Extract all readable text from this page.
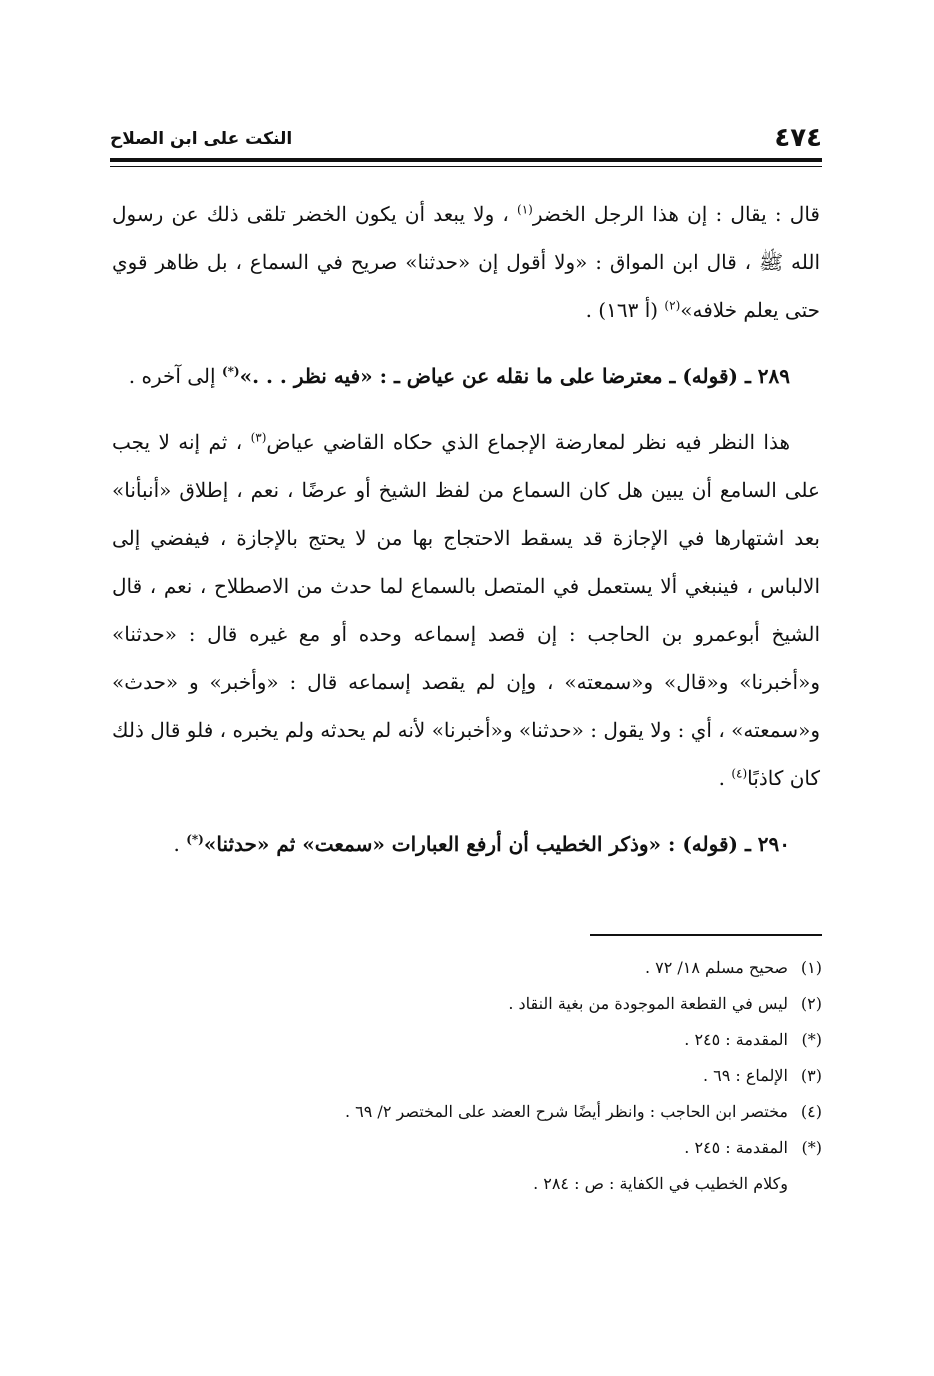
٤٧٤
النكت على ابن الصلاح

قال : يقال : إن هذا الرجل الخضر$^{(١)}$ ، ولا يبعد أن يكون الخضر تلقى ذلك عن رسول الله ﷺ ، قال ابن المواق : «ولا أقول إن «حدثنا» صريح في السماع ، بل ظاهر قوي حتى يعلم خلافه»$^{(٢)}$ (أ ١٦٣) .

٢٨٩ ـ (قوله) ـ معترضا على ما نقله عن عياض ـ : «فيه نظر . . .»(*) إلى آخره .

هذا النظر فيه نظر لمعارضة الإجماع الذي حكاه القاضي عياض$^{(٣)}$ ، ثم إنه لا يجب على السامع أن يبين هل كان السماع من لفظ الشيخ أو عرضًا ، نعم ، إطلاق «أنبأنا» بعد اشتهارها في الإجازة قد يسقط الاحتجاج بها من لا يحتج بالإجازة ، فيفضي إلى الالباس ، فينبغي ألا يستعمل في المتصل بالسماع لما حدث من الاصطلاح ، نعم ، قال الشيخ أبوعمرو بن الحاجب : إن قصد إسماعه وحده أو مع غيره قال : «حدثنا» و«أخبرنا» و«قال» و«سمعته» ، وإن لم يقصد إسماعه قال : «وأخبر» و «حدث» و«سمعته» ، أي : ولا يقول : «حدثنا» و«أخبرنا» لأنه لم يحدثه ولم يخبره ، فلو قال ذلك كان كاذبًا$^{(٤)}$ .

٢٩٠ ـ (قوله) : «وذكر الخطيب أن أرفع العبارات «سمعت» ثم «حدثنا»(*) .

(١)صحيح مسلم ١٨/ ٧٢ .
(٢)ليس في القطعة الموجودة من بغية النقاد .
(*)المقدمة : ٢٤٥ .
(٣)الإلماع : ٦٩ .
(٤)مختصر ابن الحاجب : وانظر أيضًا شرح العضد على المختصر ٢/ ٦٩ .
(*)المقدمة : ٢٤٥ .
وكلام الخطيب في الكفاية : ص : ٢٨٤ .
